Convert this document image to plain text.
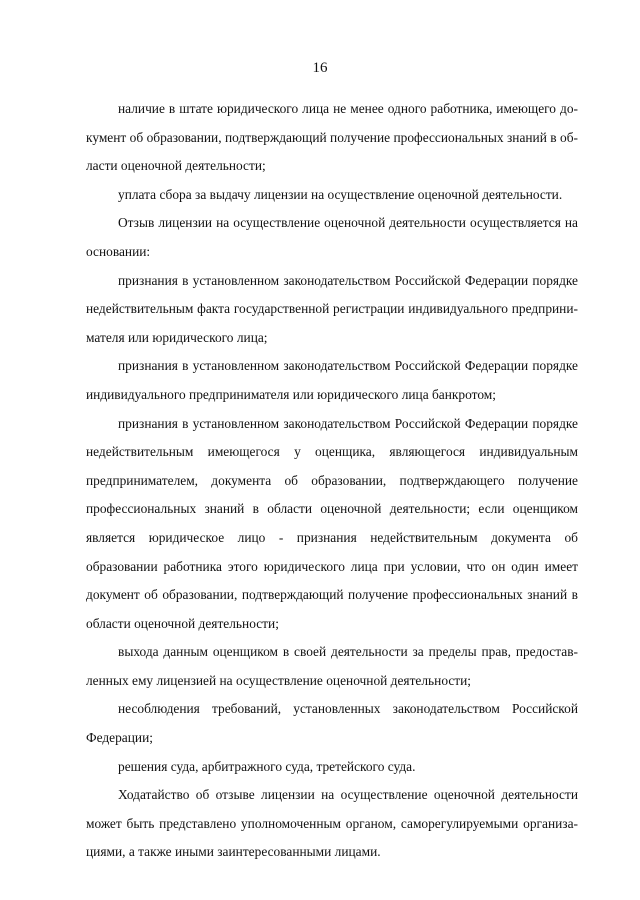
16

наличие в штате юридического лица не менее одного работника, имеющего документ об образовании, подтверждающий получение профессиональных знаний в области оценочной деятельности;

уплата сбора за выдачу лицензии на осуществление оценочной деятельности.

Отзыв лицензии на осуществление оценочной деятельности осуществляется на основании:

признания в установленном законодательством Российской Федерации порядке недействительным факта государственной регистрации индивидуального предпринимателя или юридического лица;

признания в установленном законодательством Российской Федерации порядке индивидуального предпринимателя или юридического лица банкротом;

признания в установленном законодательством Российской Федерации порядке недействительным имеющегося у оценщика, являющегося индивидуальным предпринимателем, документа об образовании, подтверждающего получение профессиональных знаний в области оценочной деятельности; если оценщиком является юридическое лицо - признания недействительным документа об образовании работника этого юридического лица при условии, что он один имеет документ об образовании, подтверждающий получение профессиональных знаний в области оценочной деятельности;

выхода данным оценщиком в своей деятельности за пределы прав, предоставленных ему лицензией на осуществление оценочной деятельности;

несоблюдения требований, установленных законодательством Российской Федерации;

решения суда, арбитражного суда, третейского суда.

Ходатайство об отзыве лицензии на осуществление оценочной деятельности может быть представлено уполномоченным органом, саморегулируемыми организациями, а также иными заинтересованными лицами.
